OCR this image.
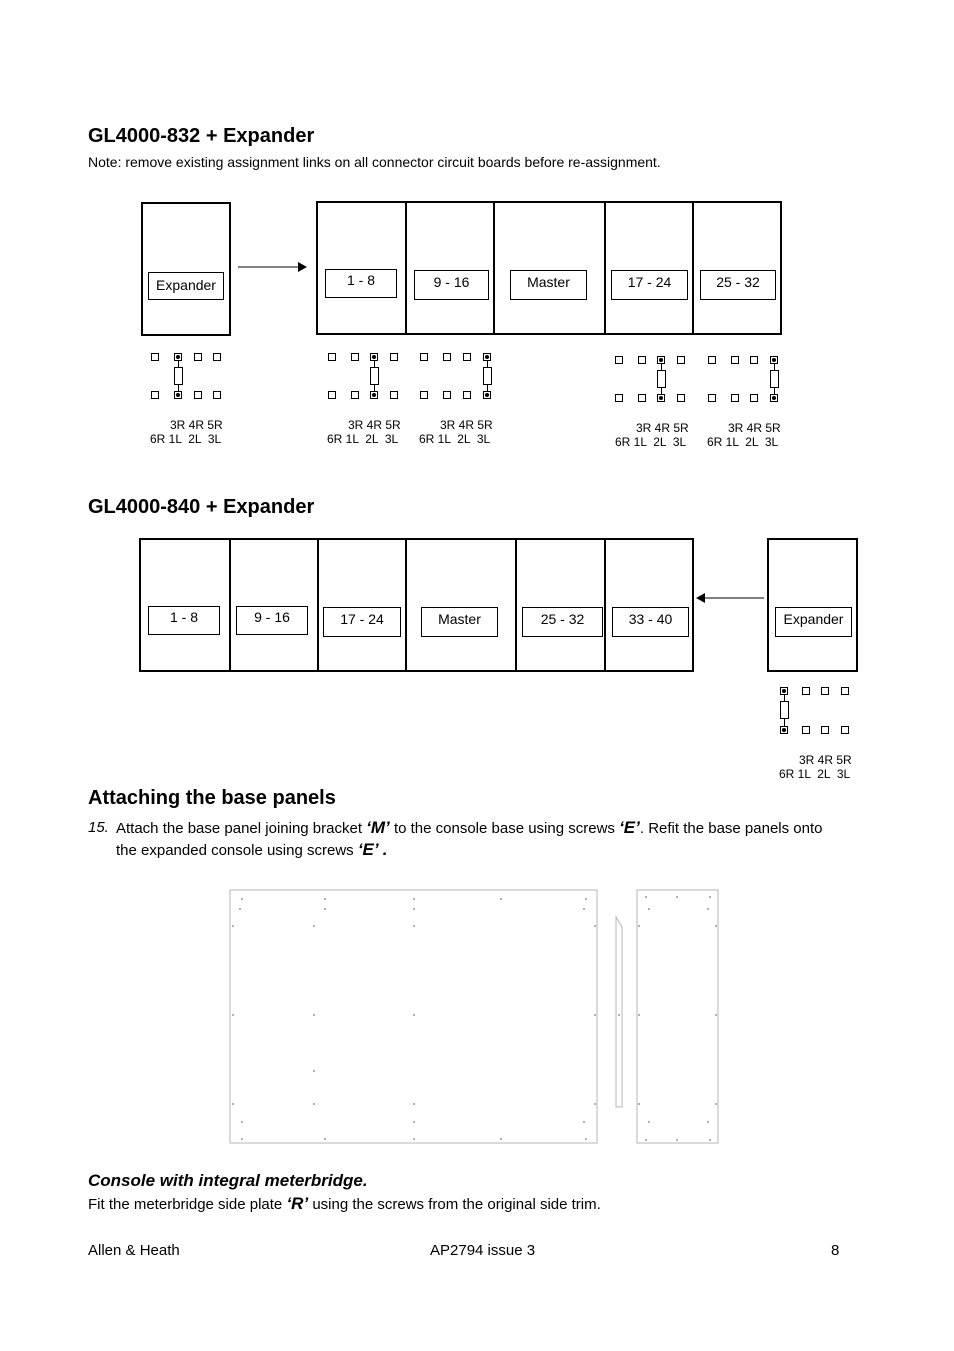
GL4000-832 + Expander
Note: remove existing assignment links on all connector circuit boards before re-assignment.
Expander	1 - 8	9 - 16	Master	17 - 24	25 - 32
3R 4R 5R
6R 1L  2L  3L
3R 4R 5R
6R 1L  2L  3L
3R 4R 5R
6R 1L  2L  3L
3R 4R 5R
6R 1L  2L  3L
3R 4R 5R
6R 1L  2L  3L
GL4000-840 + Expander
1 - 8	9 - 16	17 - 24	Master	25 - 32	33 - 40	Expander
3R 4R 5R
6R 1L  2L  3L
Attaching the base panels
15. Attach the base panel joining bracket ‘M’ to the console base using screws ‘E’. Refit the base panels onto
the expanded console using screws ‘E’ .
Console with integral meterbridge.
Fit the meterbridge side plate ‘R’ using the screws from the original side trim.
Allen & Heath	AP2794 issue 3	8
